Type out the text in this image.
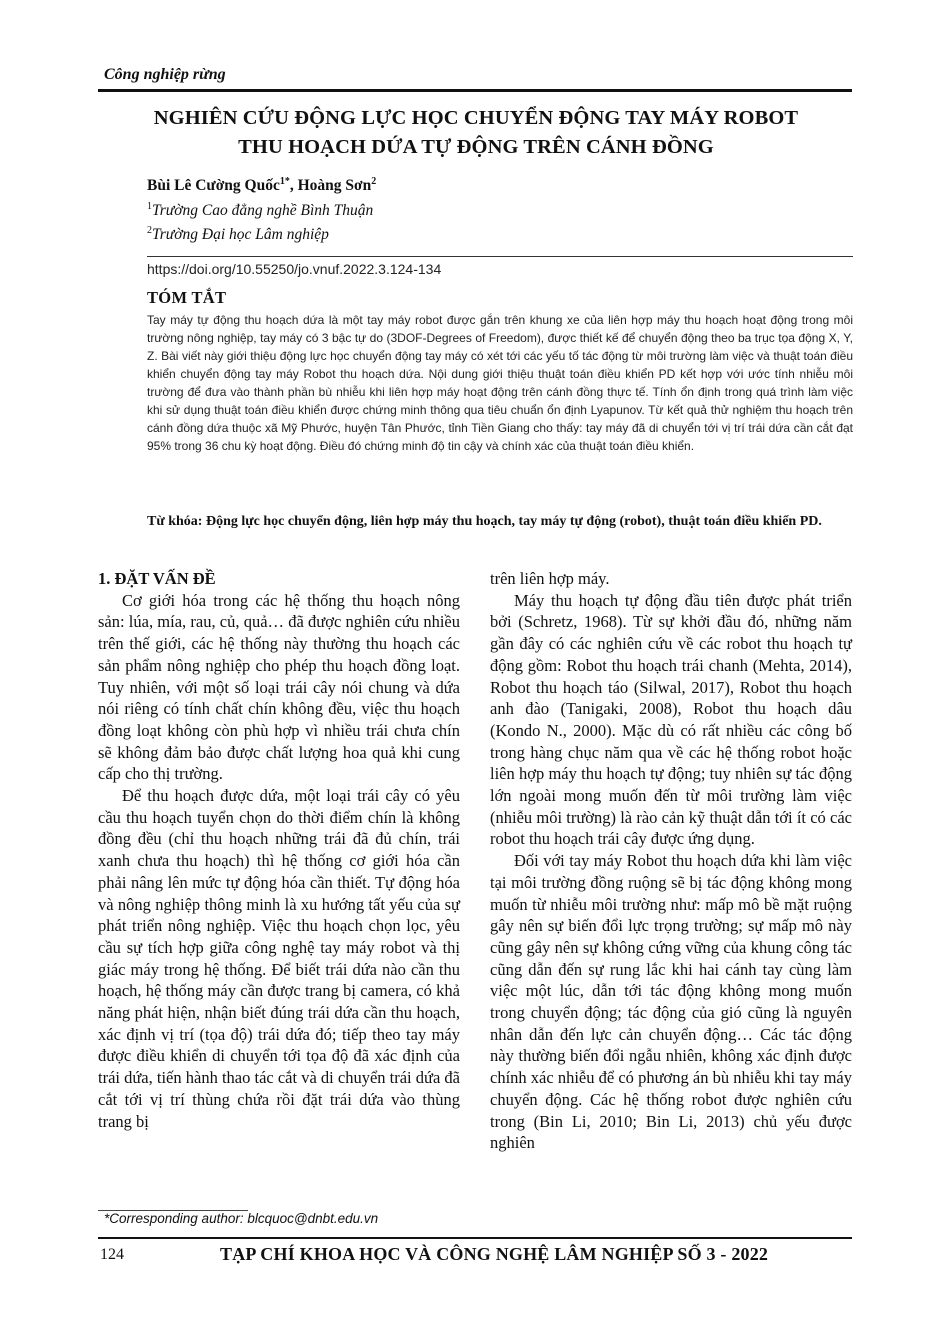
Công nghiệp rừng
NGHIÊN CỨU ĐỘNG LỰC HỌC CHUYỂN ĐỘNG TAY MÁY ROBOT
THU HOẠCH DỨA TỰ ĐỘNG TRÊN CÁNH ĐỒNG
Bùi Lê Cường Quốc$^{1*}$, Hoàng Sơn$^2$
$^1$Trường Cao đẳng nghề Bình Thuận
$^2$Trường Đại học Lâm nghiệp
https://doi.org/10.55250/jo.vnuf.2022.3.124-134
TÓM TẮT
Tay máy tự động thu hoạch dứa là một tay máy robot được gắn trên khung xe của liên hợp máy thu hoạch hoạt động trong môi trường nông nghiệp, tay máy có 3 bậc tự do (3DOF-Degrees of Freedom), được thiết kế để chuyển động theo ba trục tọa động X, Y, Z. Bài viết này giới thiệu động lực học chuyển động tay máy có xét tới các yếu tố tác động từ môi trường làm việc và thuật toán điều khiển chuyển động tay máy Robot thu hoạch dứa. Nội dung giới thiệu thuật toán điều khiển PD kết hợp với ước tính nhiễu môi trường để đưa vào thành phần bù nhiễu khi liên hợp máy hoạt động trên cánh đồng thực tế. Tính ổn định trong quá trình làm việc khi sử dụng thuật toán điều khiển được chứng minh thông qua tiêu chuẩn ổn định Lyapunov. Từ kết quả thử nghiệm thu hoạch trên cánh đồng dứa thuộc xã Mỹ Phước, huyện Tân Phước, tỉnh Tiền Giang cho thấy: tay máy đã di chuyển tới vị trí trái dứa cần cắt đạt 95% trong 36 chu kỳ hoạt động. Điều đó chứng minh độ tin cậy và chính xác của thuật toán điều khiển.
Từ khóa: Động lực học chuyển động, liên hợp máy thu hoạch, tay máy tự động (robot), thuật toán điều khiển PD.
1. ĐẶT VẤN ĐỀ

Cơ giới hóa trong các hệ thống thu hoạch nông sản: lúa, mía, rau, củ, quả… đã được nghiên cứu nhiều trên thế giới, các hệ thống này thường thu hoạch các sản phẩm nông nghiệp cho phép thu hoạch đồng loạt. Tuy nhiên, với một số loại trái cây nói chung và dứa nói riêng có tính chất chín không đều, việc thu hoạch đồng loạt không còn phù hợp vì nhiều trái chưa chín sẽ không đảm bảo được chất lượng hoa quả khi cung cấp cho thị trường.

Để thu hoạch được dứa, một loại trái cây có yêu cầu thu hoạch tuyển chọn do thời điểm chín là không đồng đều (chỉ thu hoạch những trái đã đủ chín, trái xanh chưa thu hoạch) thì hệ thống cơ giới hóa cần phải nâng lên mức tự động hóa cần thiết. Tự động hóa và nông nghiệp thông minh là xu hướng tất yếu của sự phát triển nông nghiệp. Việc thu hoạch chọn lọc, yêu cầu sự tích hợp giữa công nghệ tay máy robot và thị giác máy trong hệ thống. Để biết trái dứa nào cần thu hoạch, hệ thống máy cần được trang bị camera, có khả năng phát hiện, nhận biết đúng trái dứa cần thu hoạch, xác định vị trí (tọa độ) trái dứa đó; tiếp theo tay máy được điều khiển di chuyển tới tọa độ đã xác định của trái dứa, tiến hành thao tác cắt và di chuyển trái dứa đã cắt tới vị trí thùng chứa rồi đặt trái dứa vào thùng trang bị

trên liên hợp máy.

Máy thu hoạch tự động đầu tiên được phát triển bởi (Schretz, 1968). Từ sự khởi đầu đó, những năm gần đây có các nghiên cứu về các robot thu hoạch tự động gồm: Robot thu hoạch trái chanh (Mehta, 2014), Robot thu hoạch táo (Silwal, 2017), Robot thu hoạch anh đào (Tanigaki, 2008), Robot thu hoạch dâu (Kondo N., 2000). Mặc dù có rất nhiều các công bố trong hàng chục năm qua về các hệ thống robot hoặc liên hợp máy thu hoạch tự động; tuy nhiên sự tác động lớn ngoài mong muốn đến từ môi trường làm việc (nhiễu môi trường) là rào cản kỹ thuật dẫn tới ít có các robot thu hoạch trái cây được ứng dụng.

Đối với tay máy Robot thu hoạch dứa khi làm việc tại môi trường đồng ruộng sẽ bị tác động không mong muốn từ nhiễu môi trường như: mấp mô bề mặt ruộng gây nên sự biến đổi lực trọng trường; sự mấp mô này cũng gây nên sự không cứng vững của khung công tác cũng dẫn đến sự rung lắc khi hai cánh tay cùng làm việc một lúc, dẫn tới tác động không mong muốn trong chuyển động; tác động của gió cũng là nguyên nhân dẫn đến lực cản chuyển động… Các tác động này thường biến đổi ngẫu nhiên, không xác định được chính xác nhiễu để có phương án bù nhiễu khi tay máy chuyển động. Các hệ thống robot được nghiên cứu trong (Bin Li, 2010; Bin Li, 2013) chủ yếu được nghiên

*Corresponding author: blcquoc@dnbt.edu.vn
124	TẠP CHÍ KHOA HỌC VÀ CÔNG NGHỆ LÂM NGHIỆP SỐ 3 - 2022
